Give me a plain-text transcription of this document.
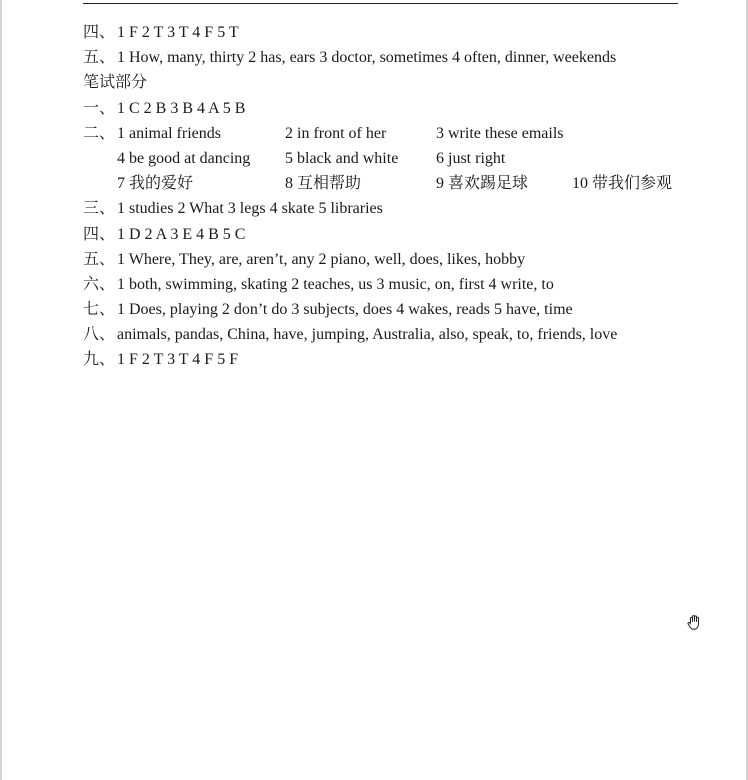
四、 1 F 2 T 3 T 4 F 5 T
五、 1 How, many, thirty 2 has, ears 3 doctor, sometimes 4 often, dinner, weekends
笔试部分
一、 1 C 2 B 3 B 4 A 5 B
二、 1 animal friends	2 in front of her	3 write these emails
4 be good at dancing 5 black and white 6 just right
7 我的爱好	8 互相帮助	9 喜欢踢足球	10 带我们参观
三、 1 studies 2 What 3 legs 4 skate 5 libraries
四、 1 D 2 A 3 E 4 B 5 C
五、 1 Where, They, are, aren’t, any 2 piano, well, does, likes, hobby
六、 1 both, swimming, skating 2 teaches, us 3 music, on, first 4 write, to
七、 1 Does, playing 2 don’t do 3 subjects, does 4 wakes, reads 5 have, time
八、 animals, pandas, China, have, jumping, Australia, also, speak, to, friends, love
九、 1 F 2 T 3 T 4 F 5 F
